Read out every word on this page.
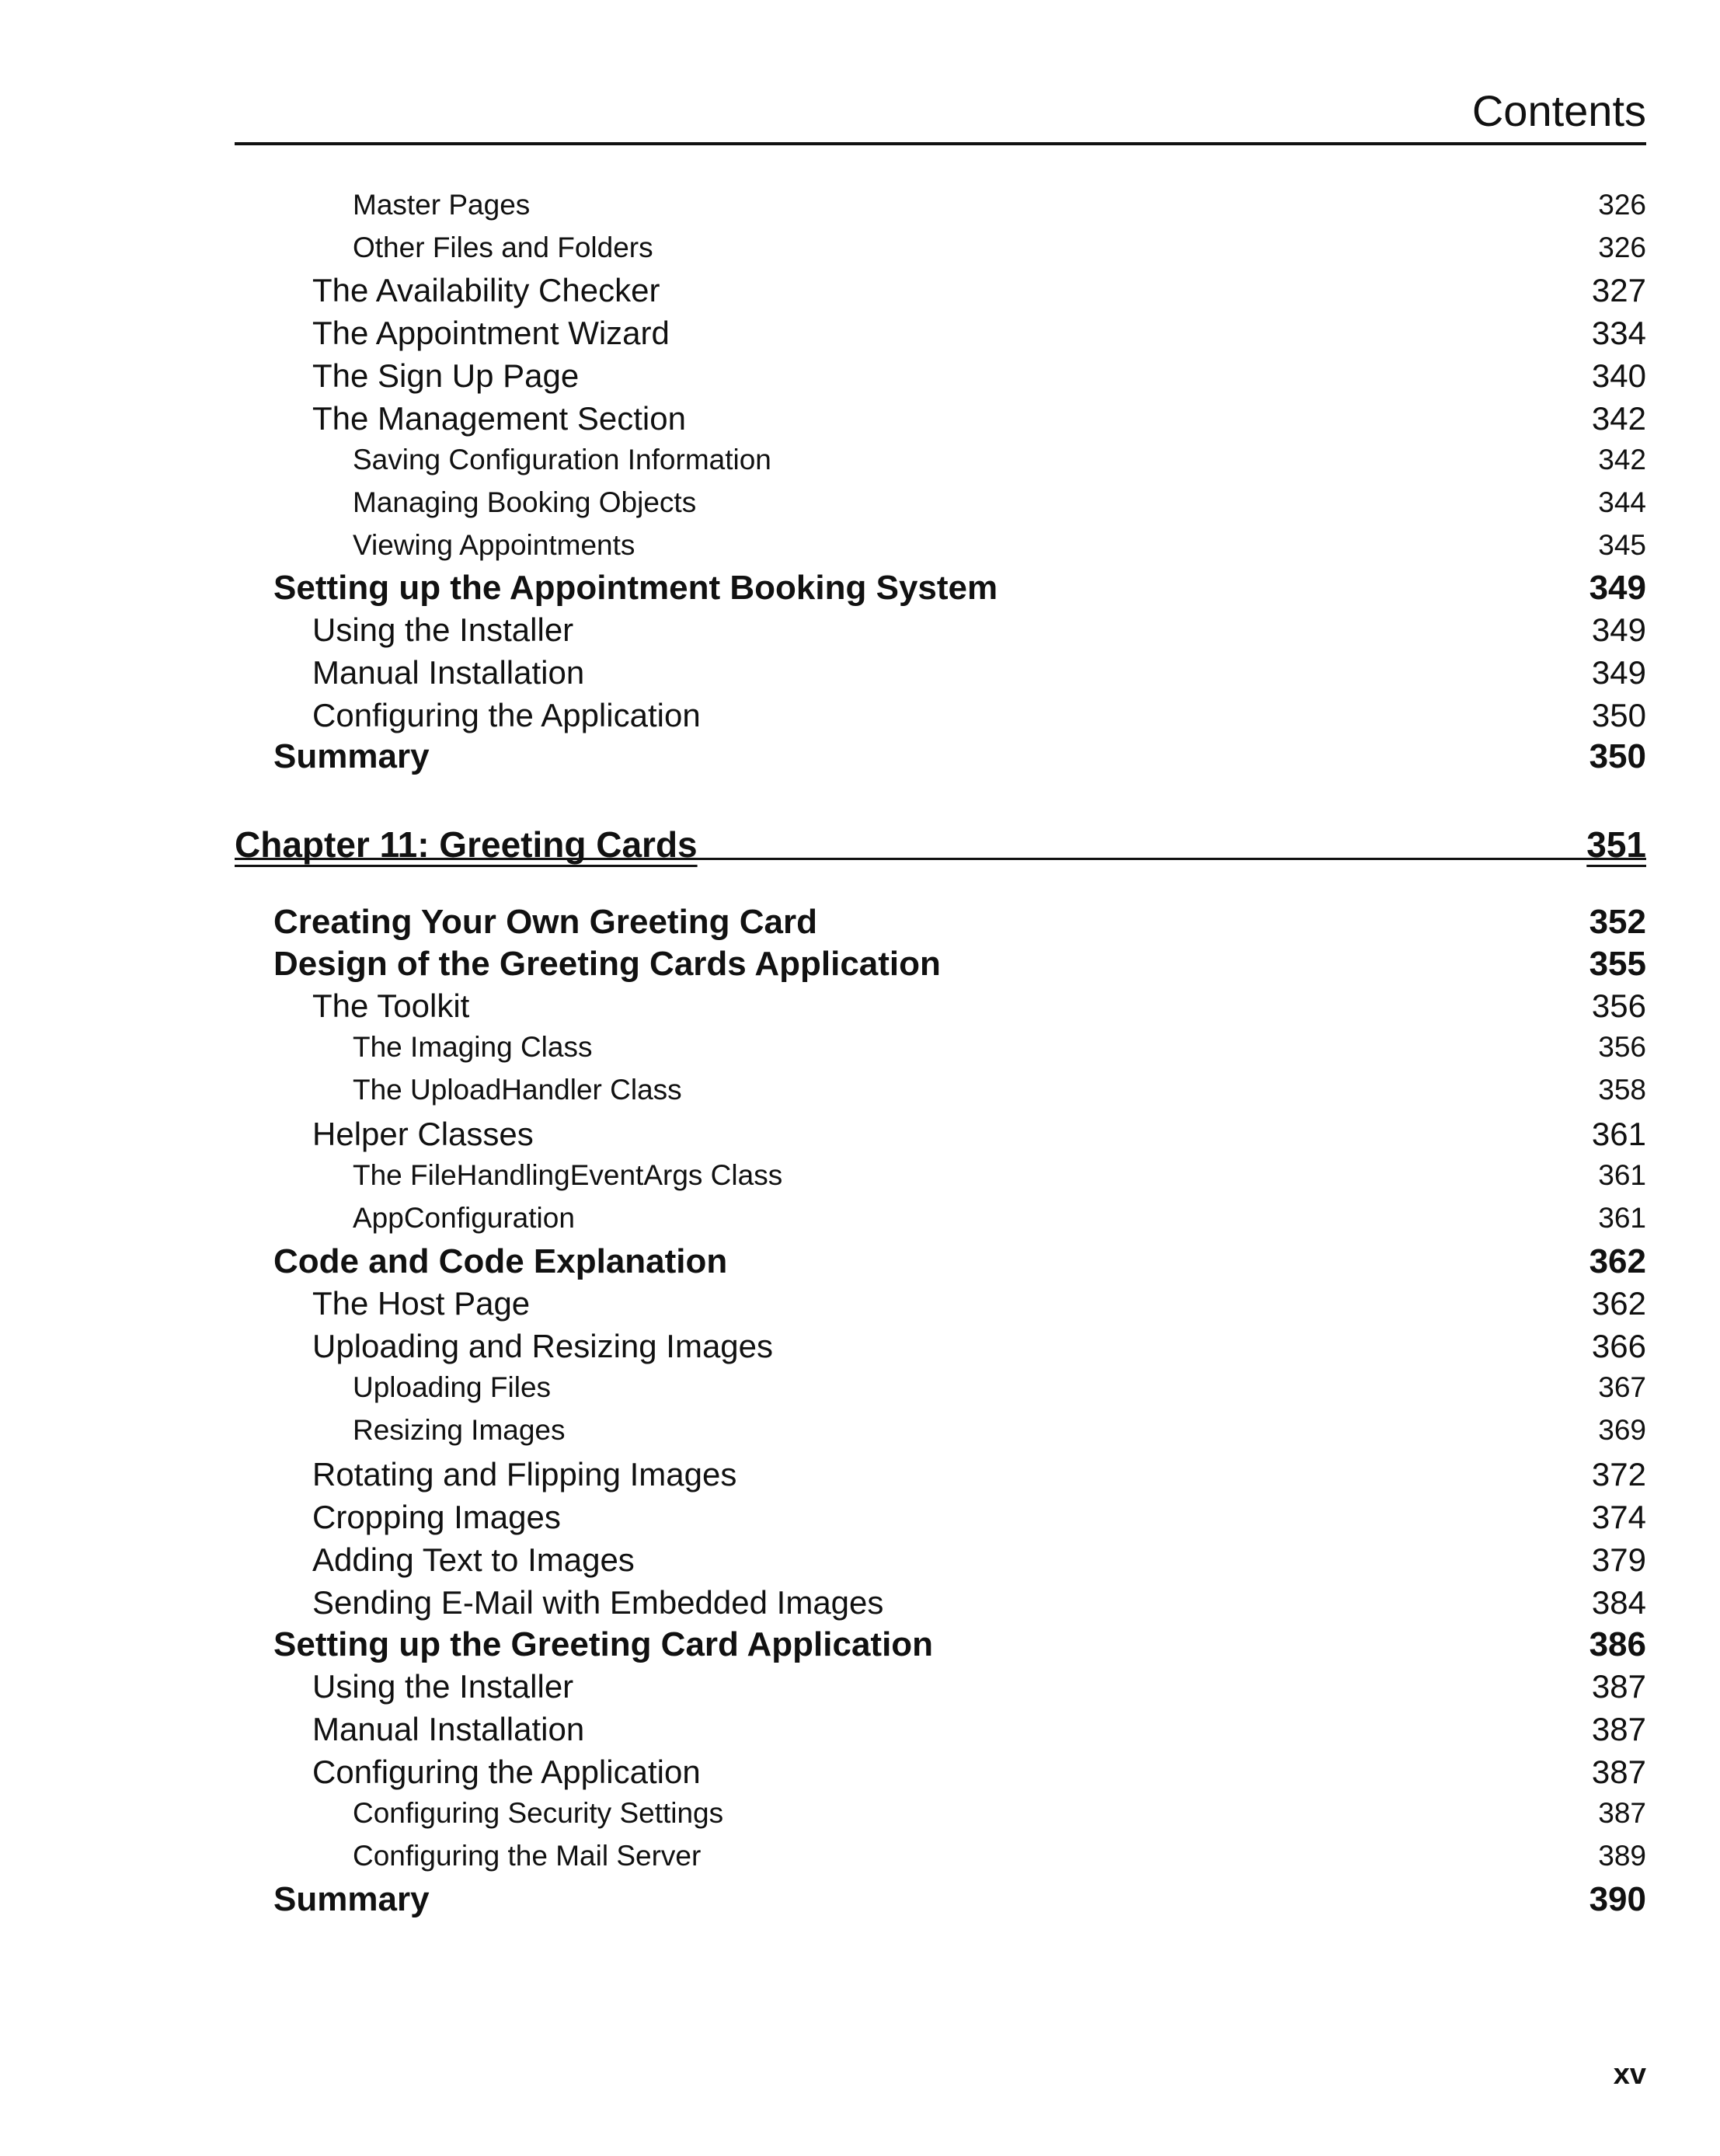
Contents
Master Pages	326
Other Files and Folders	326
The Availability Checker	327
The Appointment Wizard	334
The Sign Up Page	340
The Management Section	342
Saving Configuration Information	342
Managing Booking Objects	344
Viewing Appointments	345
Setting up the Appointment Booking System	349
Using the Installer	349
Manual Installation	349
Configuring the Application	350
Summary	350
Chapter 11: Greeting Cards	351
Creating Your Own Greeting Card	352
Design of the Greeting Cards Application	355
The Toolkit	356
The Imaging Class	356
The UploadHandler Class	358
Helper Classes	361
The FileHandlingEventArgs Class	361
AppConfiguration	361
Code and Code Explanation	362
The Host Page	362
Uploading and Resizing Images	366
Uploading Files	367
Resizing Images	369
Rotating and Flipping Images	372
Cropping Images	374
Adding Text to Images	379
Sending E-Mail with Embedded Images	384
Setting up the Greeting Card Application	386
Using the Installer	387
Manual Installation	387
Configuring the Application	387
Configuring Security Settings	387
Configuring the Mail Server	389
Summary	390
xv
